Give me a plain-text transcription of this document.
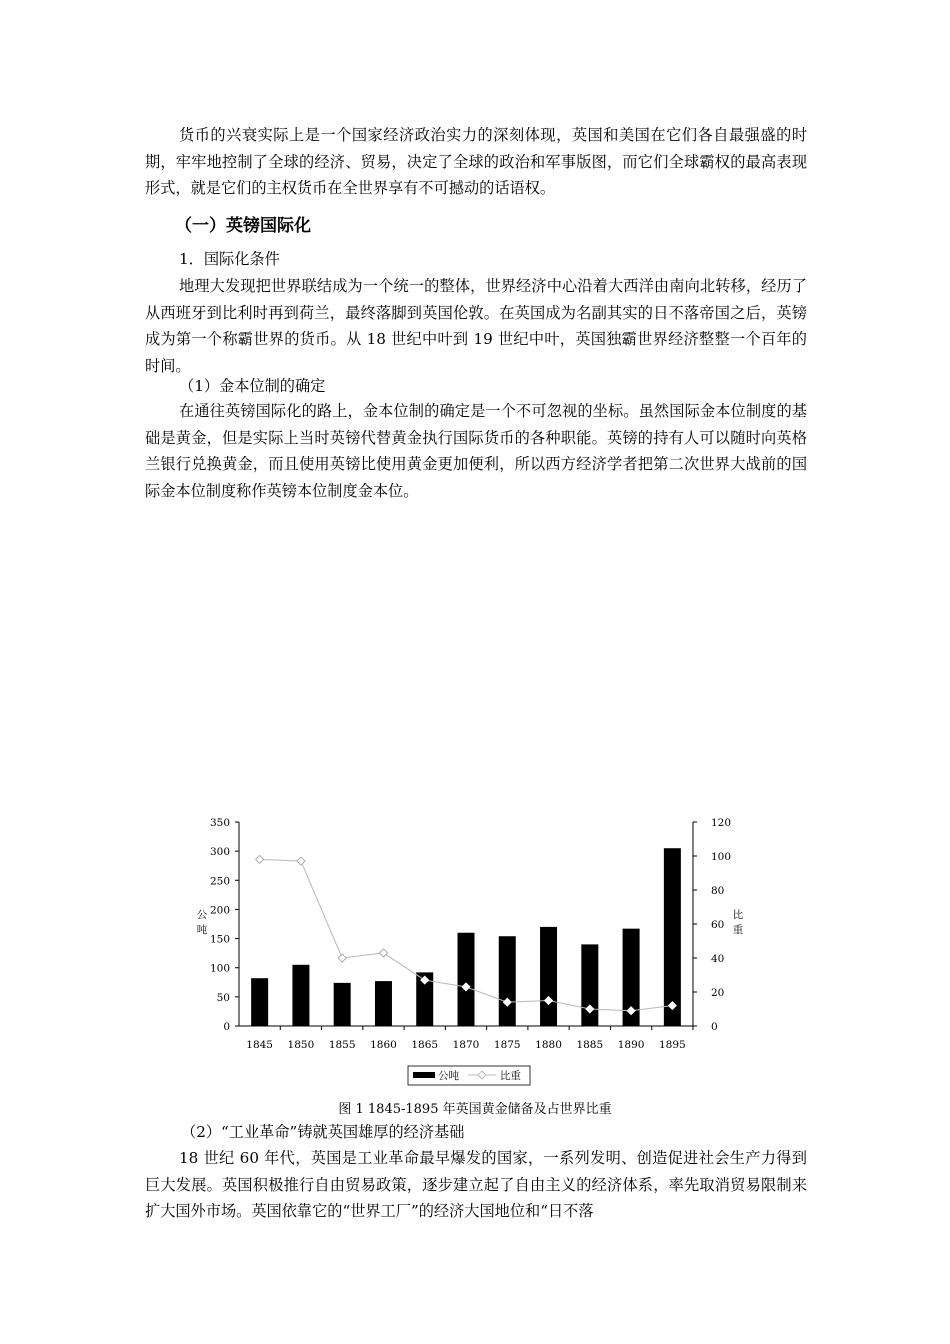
货币的兴衰实际上是一个国家经济政治实力的深刻体现，英国和美国在它们各自最强盛的时期，牢牢地控制了全球的经济、贸易，决定了全球的政治和军事版图，而它们全球霸权的最高表现形式，就是它们的主权货币在全世界享有不可撼动的话语权。

（一）英镑国际化

1．国际化条件

地理大发现把世界联结成为一个统一的整体，世界经济中心沿着大西洋由南向北转移，经历了从西班牙到比利时再到荷兰，最终落脚到英国伦敦。在英国成为名副其实的日不落帝国之后，英镑成为第一个称霸世界的货币。从 18 世纪中叶到 19 世纪中叶，英国独霸世界经济整整一个百年的时间。

（1）金本位制的确定

在通往英镑国际化的路上，金本位制的确定是一个不可忽视的坐标。虽然国际金本位制度的基础是黄金，但是实际上当时英镑代替黄金执行国际货币的各种职能。英镑的持有人可以随时向英格兰银行兑换黄金，而且使用英镑比使用黄金更加便利，所以西方经济学者把第二次世界大战前的国际金本位制度称作英镑本位制度金本位。

0
50
100
150
200
250
300
350
0
20
40
60
80
100
120
1845 1850 1855 1860 1865 1870 1875 1880 1885 1890 1895
公
吨
比
重
公吨	比重

图 1 1845-1895 年英国黄金储备及占世界比重

（2）“工业革命”铸就英国雄厚的经济基础

18 世纪 60 年代，英国是工业革命最早爆发的国家，一系列发明、创造促进社会生产力得到巨大发展。英国积极推行自由贸易政策，逐步建立起了自由主义的经济体系，率先取消贸易限制来扩大国外市场。英国依靠它的“世界工厂”的经济大国地位和“日不落
